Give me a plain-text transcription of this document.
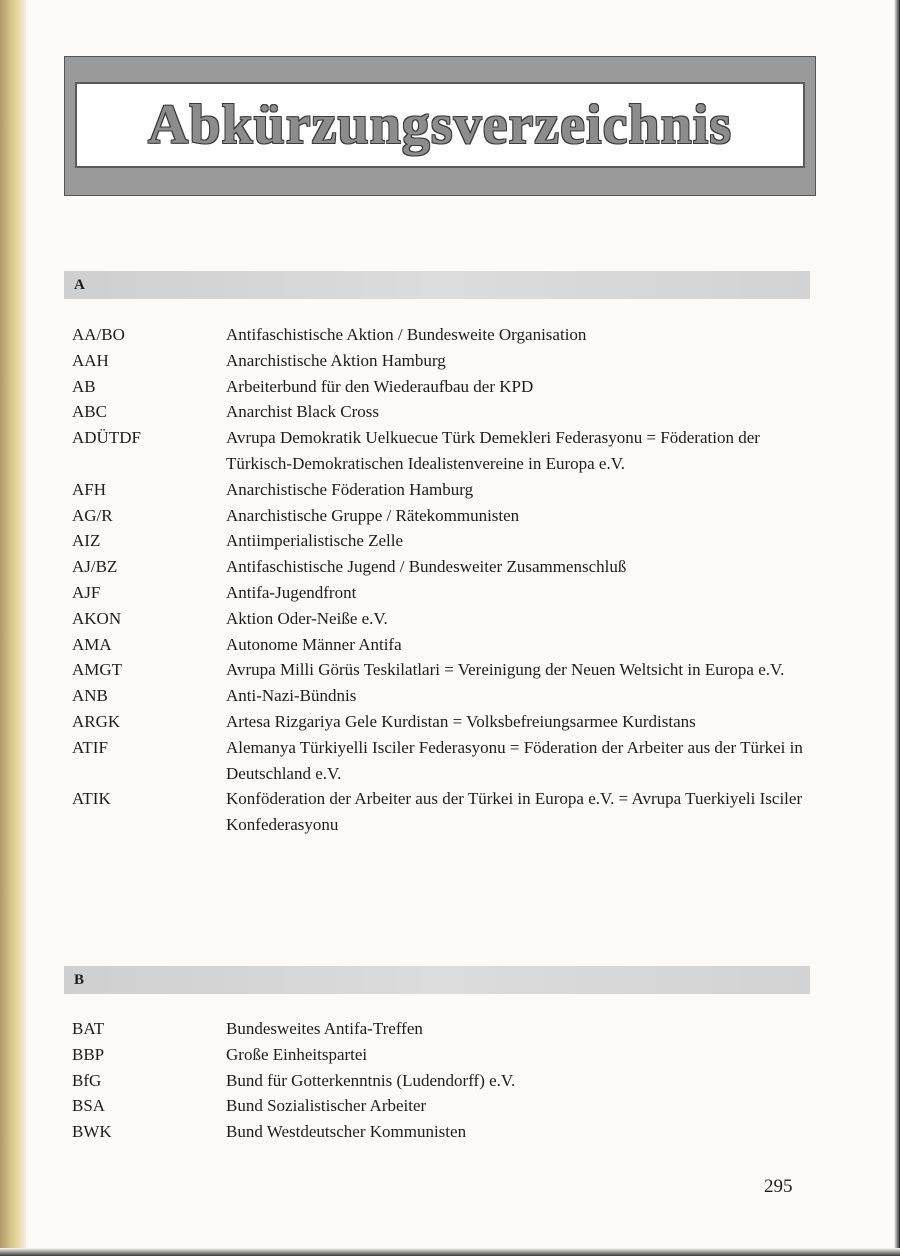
Abkürzungsverzeichnis
A
AA/BO	Antifaschistische Aktion / Bundesweite Organisation
AAH	Anarchistische Aktion Hamburg
AB	Arbeiterbund für den Wiederaufbau der KPD
ABC	Anarchist Black Cross
ADÜTDF	Avrupa Demokratik Uelkuecue Türk Demekleri Federasyonu = Föderation der Türkisch-Demokratischen Idealistenvereine in Europa e.V.
AFH	Anarchistische Föderation Hamburg
AG/R	Anarchistische Gruppe / Rätekommunisten
AIZ	Antiimperialistische Zelle
AJ/BZ	Antifaschistische Jugend / Bundesweiter Zusammenschluß
AJF	Antifa-Jugendfront
AKON	Aktion Oder-Neiße e.V.
AMA	Autonome Männer Antifa
AMGT	Avrupa Milli Görüs Teskilatlari = Vereinigung der Neuen Weltsicht in Europa e.V.
ANB	Anti-Nazi-Bündnis
ARGK	Artesa Rizgariya Gele Kurdistan = Volksbefreiungsarmee Kurdistans
ATIF	Alemanya Türkiyelli Isciler Federasyonu = Föderation der Arbeiter aus der Türkei in Deutschland e.V.
ATIK	Konföderation der Arbeiter aus der Türkei in Europa e.V. = Avrupa Tuerkiyeli Isciler Konfederasyonu
B
BAT	Bundesweites Antifa-Treffen
BBP	Große Einheitspartei
BfG	Bund für Gotterkenntnis (Ludendorff) e.V.
BSA	Bund Sozialistischer Arbeiter
BWK	Bund Westdeutscher Kommunisten
295
